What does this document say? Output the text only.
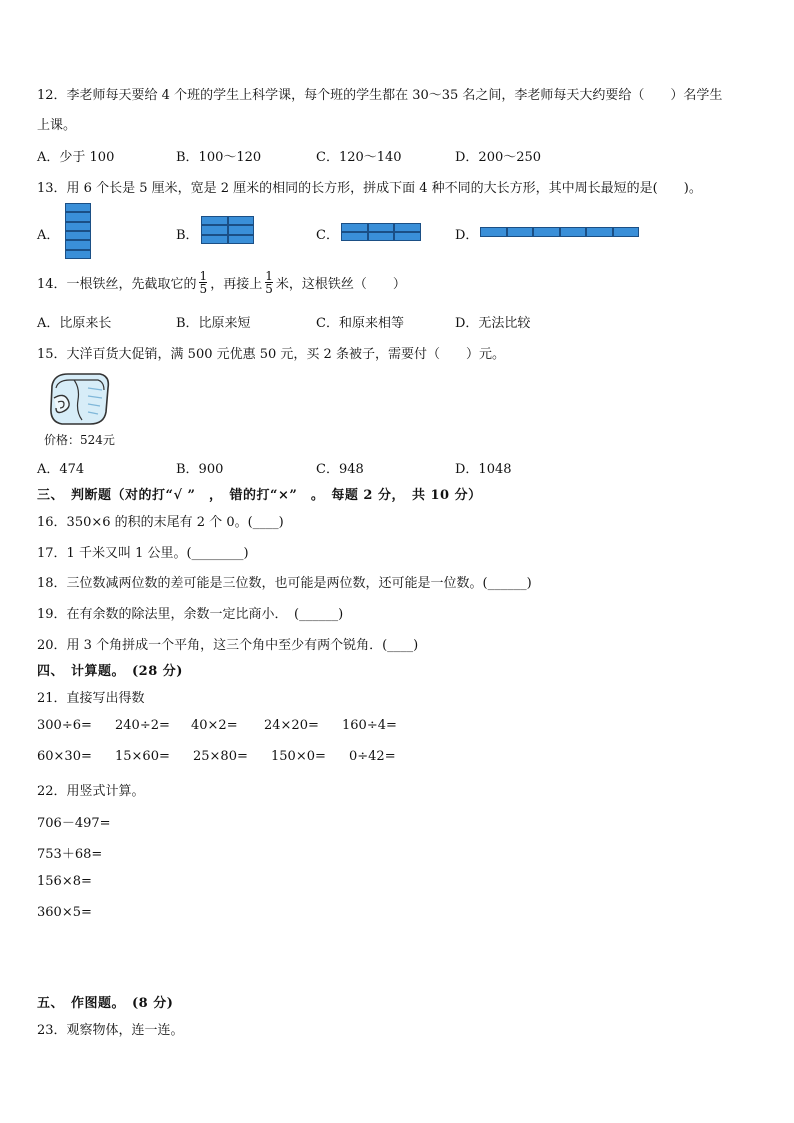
12．李老师每天要给 4 个班的学生上科学课，每个班的学生都在 30～35 名之间，李老师每天大约要给（　　）名学生
上课。
A．少于 100	B．100～120	C．120～140	D．200～250
13．用 6 个长是 5 厘米，宽是 2 厘米的相同的长方形，拼成下面 4 种不同的大长方形，其中周长最短的是(　　)。
A．	B．	C．	D．
14．一根铁丝，先截取它的 $\frac{1}{5}$ ，再接上 $\frac{1}{5}$ 米，这根铁丝（　　）
A．比原来长	B．比原来短	C．和原来相等	D．无法比较
15．大洋百货大促销，满 500 元优惠 50 元，买 2 条被子，需要付（　　）元。
价格：524元
A．474	B．900	C．948	D．1048
三、　判断题（对的打“√ ”　，　错的打“×”　。　每题 2 分，　共 10 分）
16．350×6 的积的末尾有 2 个 0。(____)
17．1 千米又叫 1 公里。(________)
18．三位数减两位数的差可能是三位数，也可能是两位数，还可能是一位数。(______)
19．在有余数的除法里，余数一定比商小．　(______)
20．用 3 个角拼成一个平角，这三个角中至少有两个锐角．(____)
四、　计算题。　(28 分)
21．直接写出得数
300÷6= 240÷2= 40×2= 24×20= 160÷4=
60×30= 15×60= 25×80= 150×0= 0÷42=
22．用竖式计算。
706－497=
753＋68=
156×8=
360×5=
五、　作图题。　(8 分)
23．观察物体，连一连。
